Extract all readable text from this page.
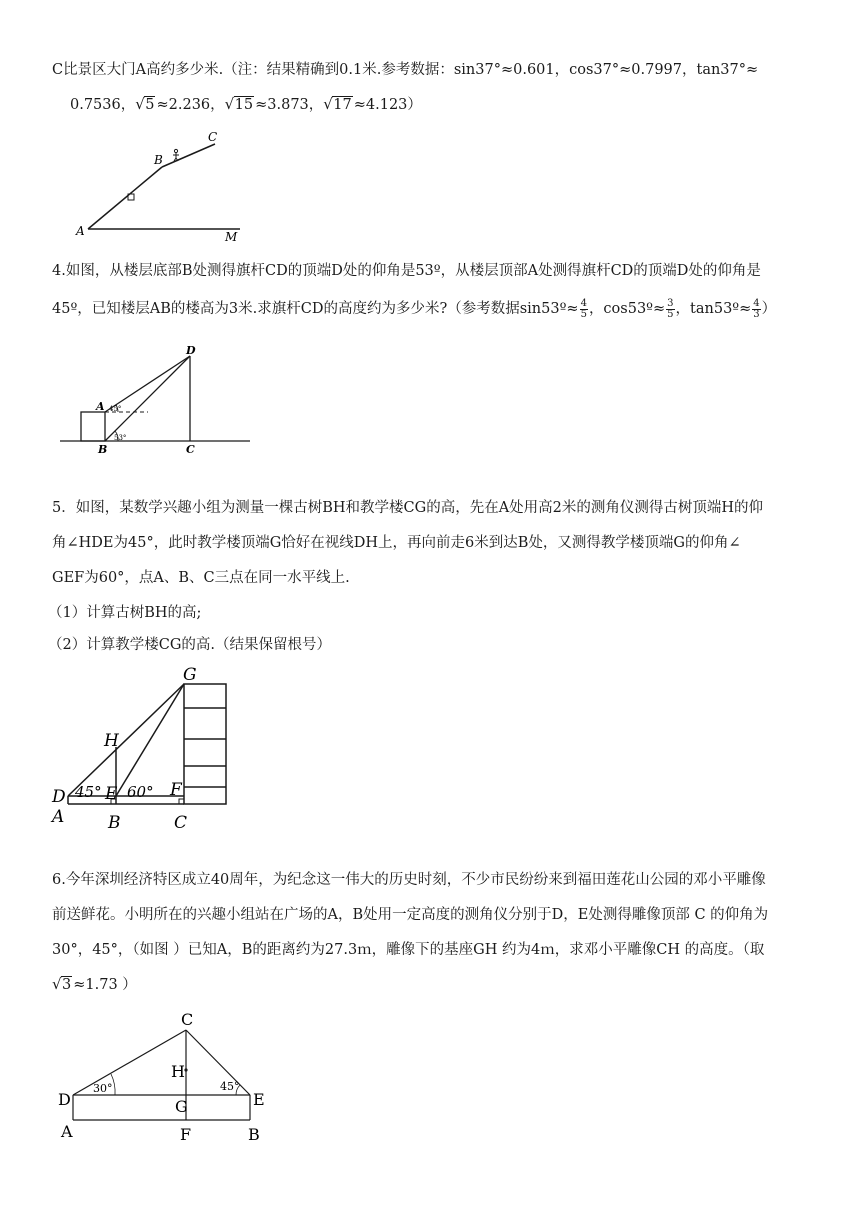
C比景区大门A高约多少米.（注：结果精确到0.1米.参考数据：sin37°≈0.601，cos37°≈0.7997，tan37°≈
0.7536， √ 5 ≈2.236， √ 15 ≈3.873， √ 17 ≈4.123）
A
B
C
M
4.如图，从楼层底部B处测得旗杆CD的顶端D处的仰角是53º，从楼层顶部A处测得旗杆CD的顶端D处的仰角是
45º，已知楼层AB的楼高为3米.求旗杆CD的高度约为多少米?（参考数据sin53º≈ $\frac{4}{5}$ ，cos53º≈ $\frac{3}{5}$ ，tan53º≈ $\frac{4}{3}$ ）
D
A
B	C
45°
53°
5．如图，某数学兴趣小组为测量一棵古树BH和教学楼CG的高，先在A处用高2米的测角仪测得古树顶端H的仰
角∠HDE为45°，此时教学楼顶端G恰好在视线DH上，再向前走6米到达B处，又测得教学楼顶端G的仰角∠
GEF为60°，点A、B、C三点在同一水平线上.
（1）计算古树BH的高;
（2）计算教学楼CG的高.（结果保留根号）
G
H
D E	F
A	B	C
45° 60°
6.今年深圳经济特区成立40周年，为纪念这一伟大的历史时刻，不少市民纷纷来到福田莲花山公园的邓小平雕像
前送鲜花。小明所在的兴趣小组站在广场的A，B处用一定高度的测角仪分别于D，E处测得雕像顶部 C 的仰角为
30°，45°，（如图 ）已知A，B的距离约为27.3ｍ，雕像下的基座GH 约为4ｍ，求邓小平雕像CH 的高度。（取
√ 3 ≈1.73 ）
C
H
D	E
G
A	F	B
30°	45°
